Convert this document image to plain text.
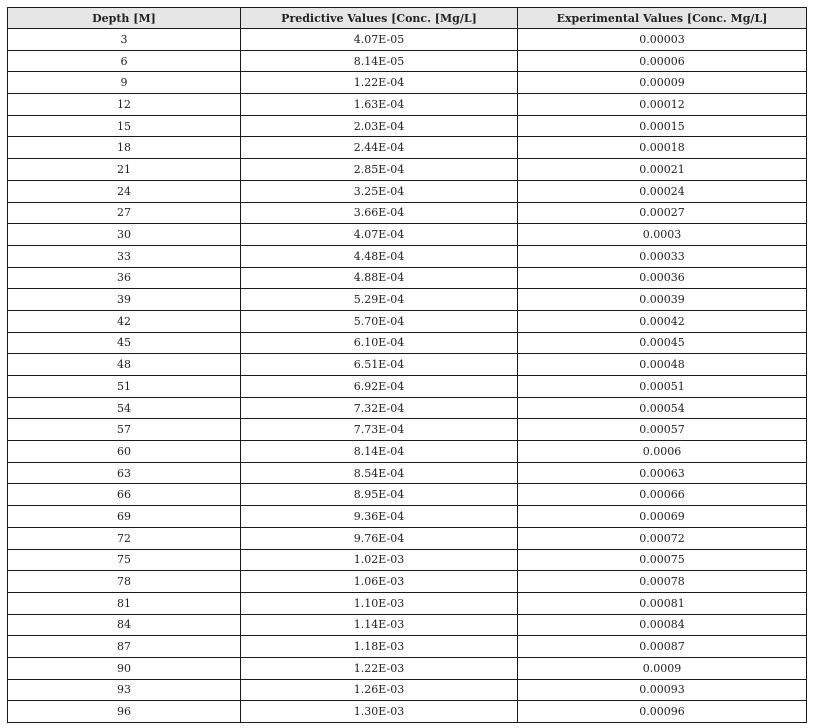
Depth [M]	Predictive Values [Conc. [Mg/L]	Experimental Values [Conc. Mg/L]
3	4.07E-05	0.00003
6	8.14E-05	0.00006
9	1.22E-04	0.00009
12	1.63E-04	0.00012
15	2.03E-04	0.00015
18	2.44E-04	0.00018
21	2.85E-04	0.00021
24	3.25E-04	0.00024
27	3.66E-04	0.00027
30	4.07E-04	0.0003
33	4.48E-04	0.00033
36	4.88E-04	0.00036
39	5.29E-04	0.00039
42	5.70E-04	0.00042
45	6.10E-04	0.00045
48	6.51E-04	0.00048
51	6.92E-04	0.00051
54	7.32E-04	0.00054
57	7.73E-04	0.00057
60	8.14E-04	0.0006
63	8.54E-04	0.00063
66	8.95E-04	0.00066
69	9.36E-04	0.00069
72	9.76E-04	0.00072
75	1.02E-03	0.00075
78	1.06E-03	0.00078
81	1.10E-03	0.00081
84	1.14E-03	0.00084
87	1.18E-03	0.00087
90	1.22E-03	0.0009
93	1.26E-03	0.00093
96	1.30E-03	0.00096
